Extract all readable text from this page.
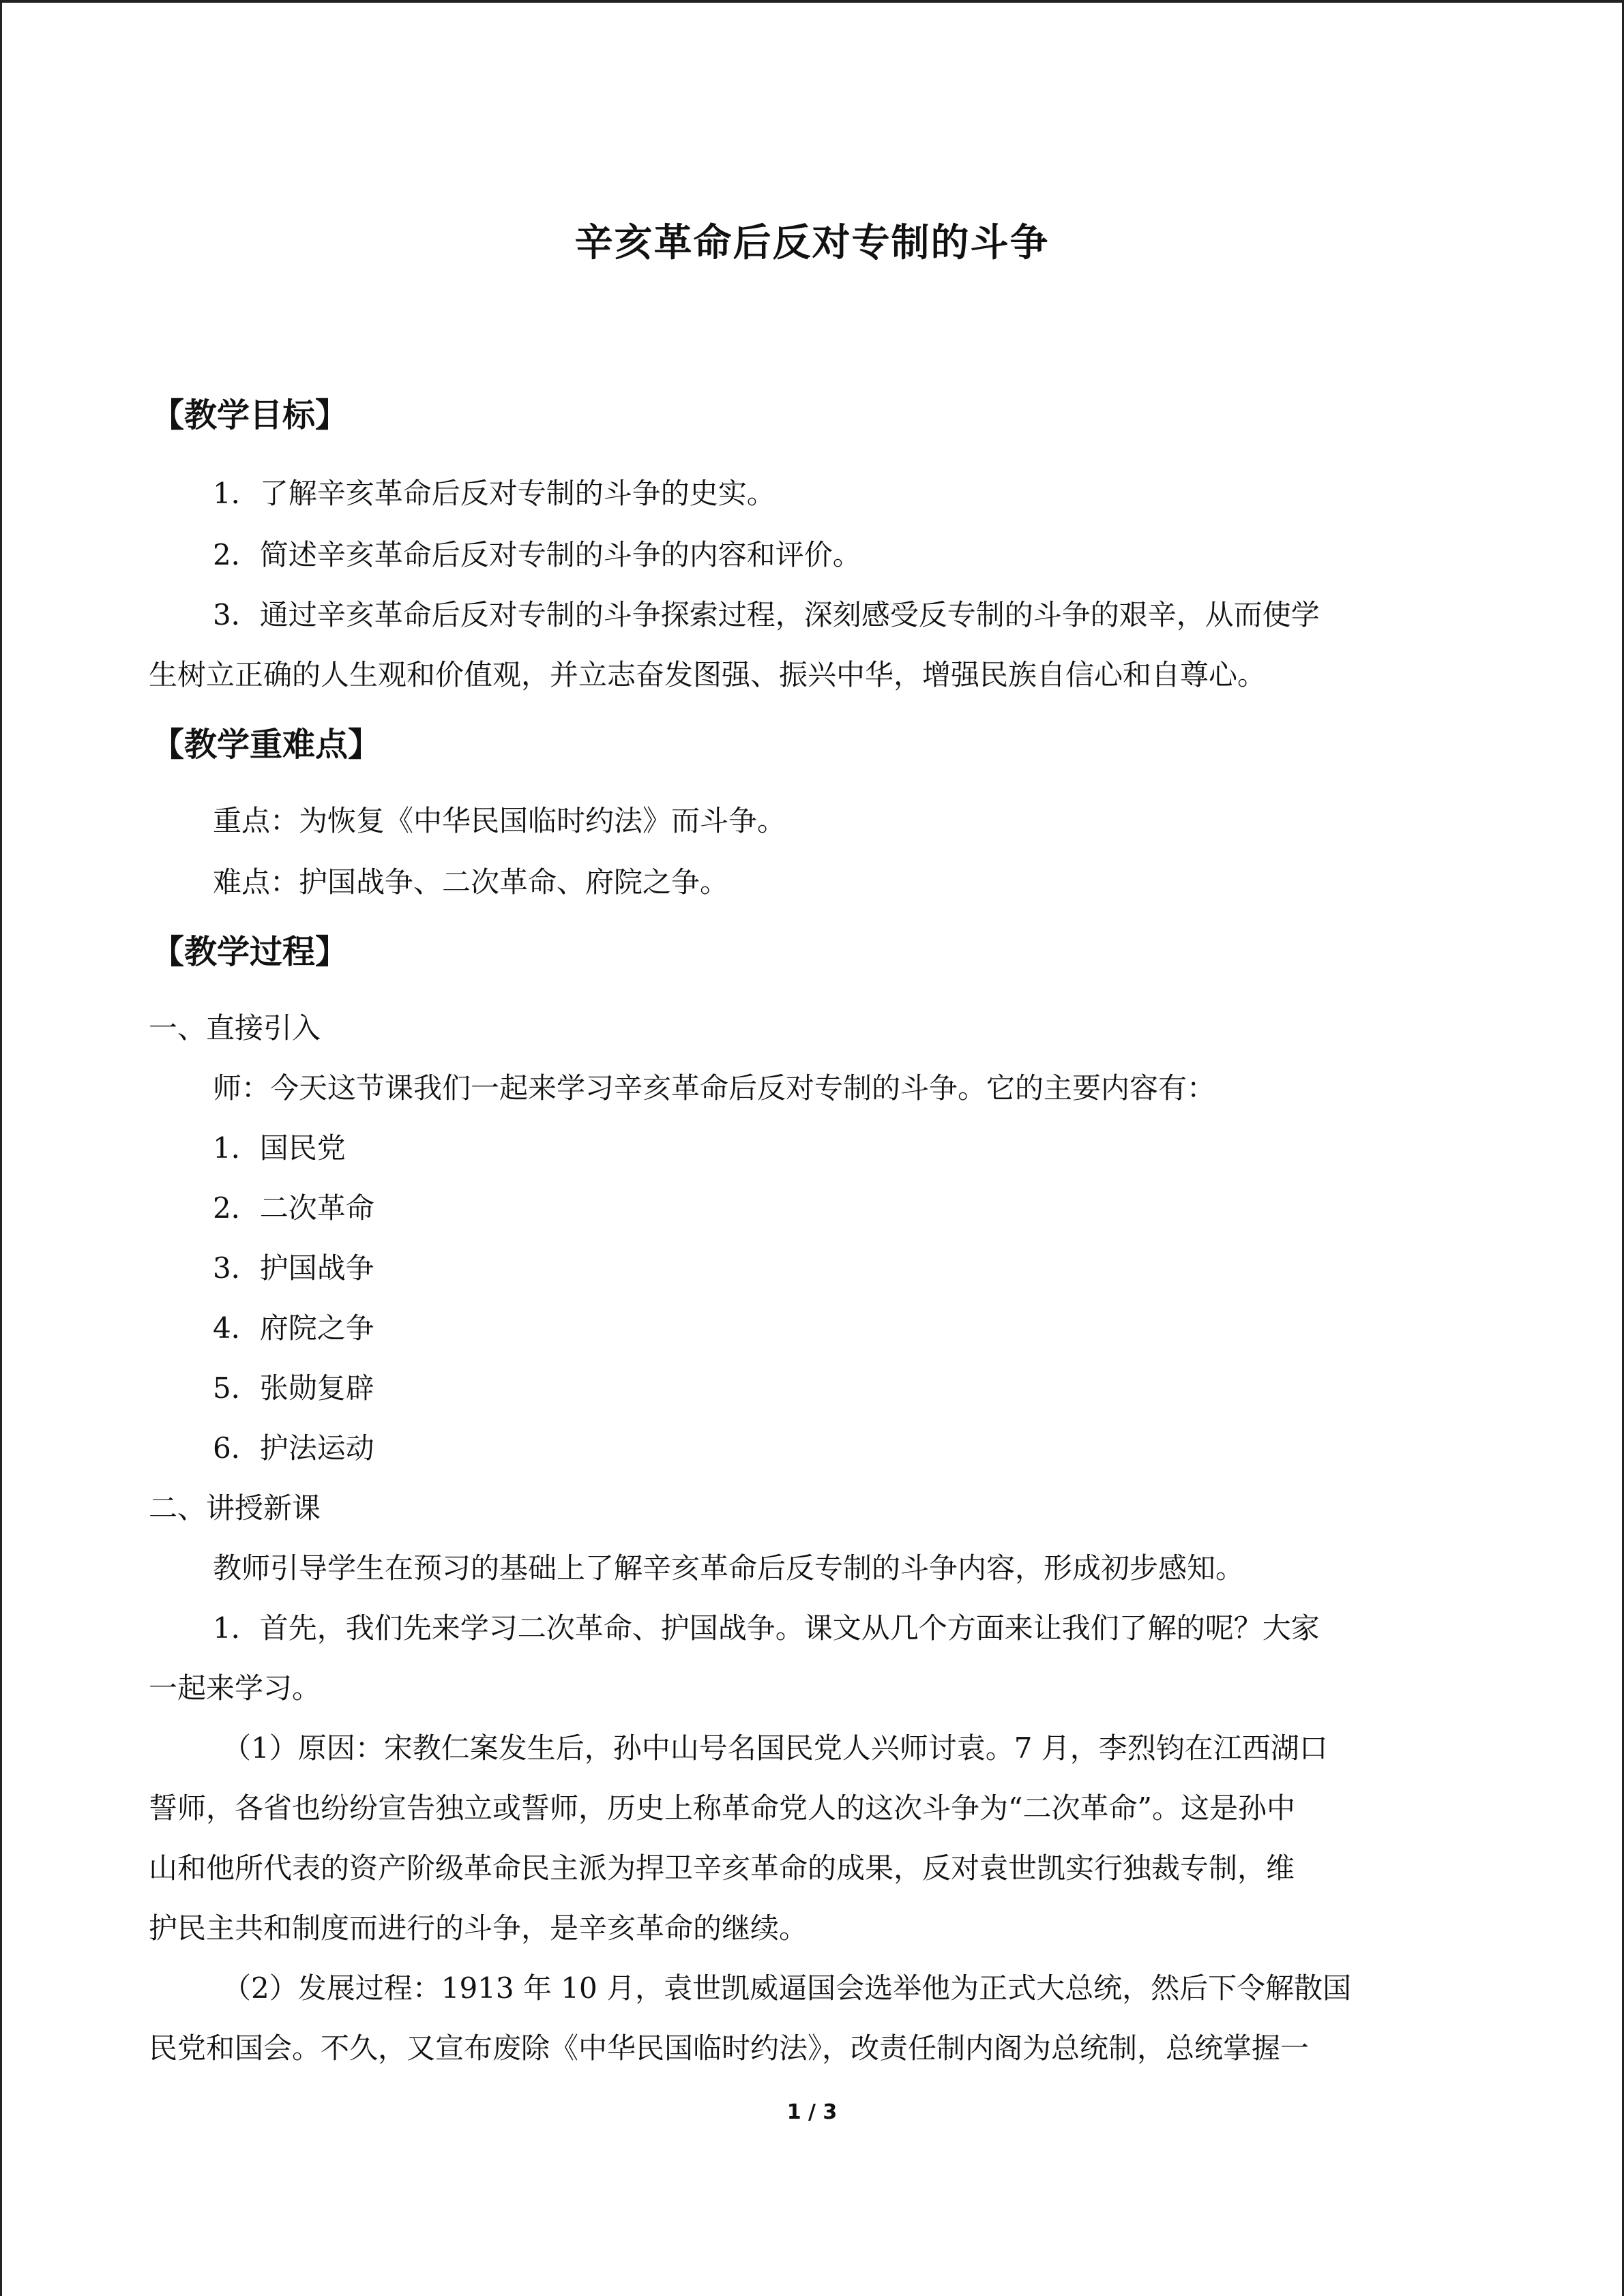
辛亥革命后反对专制的斗争
【教学目标】

1．了解辛亥革命后反对专制的斗争的史实。

2．简述辛亥革命后反对专制的斗争的内容和评价。

3．通过辛亥革命后反对专制的斗争探索过程，深刻感受反专制的斗争的艰辛，从而使学

生树立正确的人生观和价值观，并立志奋发图强、振兴中华，增强民族自信心和自尊心。

【教学重难点】

重点：为恢复《中华民国临时约法》而斗争。

难点：护国战争、二次革命、府院之争。

【教学过程】

一、直接引入

师：今天这节课我们一起来学习辛亥革命后反对专制的斗争。它的主要内容有：

1．国民党

2．二次革命

3．护国战争

4．府院之争

5．张勋复辟

6．护法运动

二、讲授新课

教师引导学生在预习的基础上了解辛亥革命后反专制的斗争内容，形成初步感知。

1．首先，我们先来学习二次革命、护国战争。课文从几个方面来让我们了解的呢？大家

一起来学习。

（1）原因：宋教仁案发生后，孙中山号名国民党人兴师讨袁。7 月，李烈钧在江西湖口

誓师，各省也纷纷宣告独立或誓师，历史上称革命党人的这次斗争为“二次革命”。这是孙中

山和他所代表的资产阶级革命民主派为捍卫辛亥革命的成果，反对袁世凯实行独裁专制，维

护民主共和制度而进行的斗争，是辛亥革命的继续。

（2）发展过程：1913 年 10 月，袁世凯威逼国会选举他为正式大总统，然后下令解散国

民党和国会。不久，又宣布废除《中华民国临时约法》，改责任制内阁为总统制，总统掌握一

1 / 3
